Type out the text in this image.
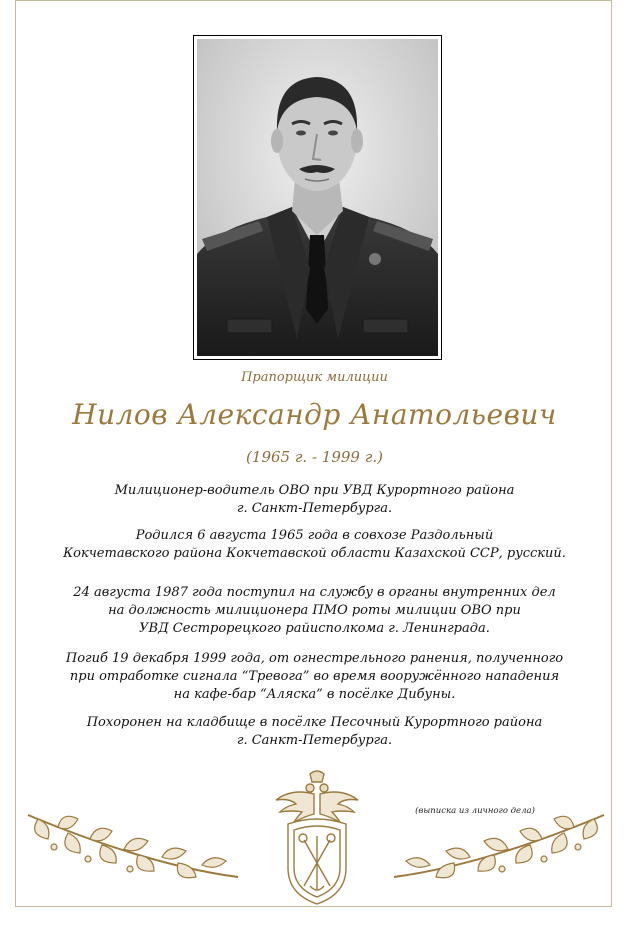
Прапорщик милиции
Нилов Александр Анатольевич
(1965 г. - 1999 г.)
Милиционер-водитель ОВО при УВД Курортного района
г. Санкт-Петербурга.
Родился 6 августа 1965 года в совхозе Раздольный
Кокчетавского района Кокчетавской области Казахской ССР, русский.
24 августа 1987 года поступил на службу в органы внутренних дел
на должность милиционера ПМО роты милиции ОВО при
УВД Сестрорецкого райисполкома г. Ленинграда.
Погиб 19 декабря 1999 года, от огнестрельного ранения, полученного
при отработке сигнала “Тревога” во время вооружённого нападения
на кафе-бар “Аляска” в посёлке Дибуны.
Похоронен на кладбище в посёлке Песочный Курортного района
г. Санкт-Петербурга.
(выписка из личного дела)
